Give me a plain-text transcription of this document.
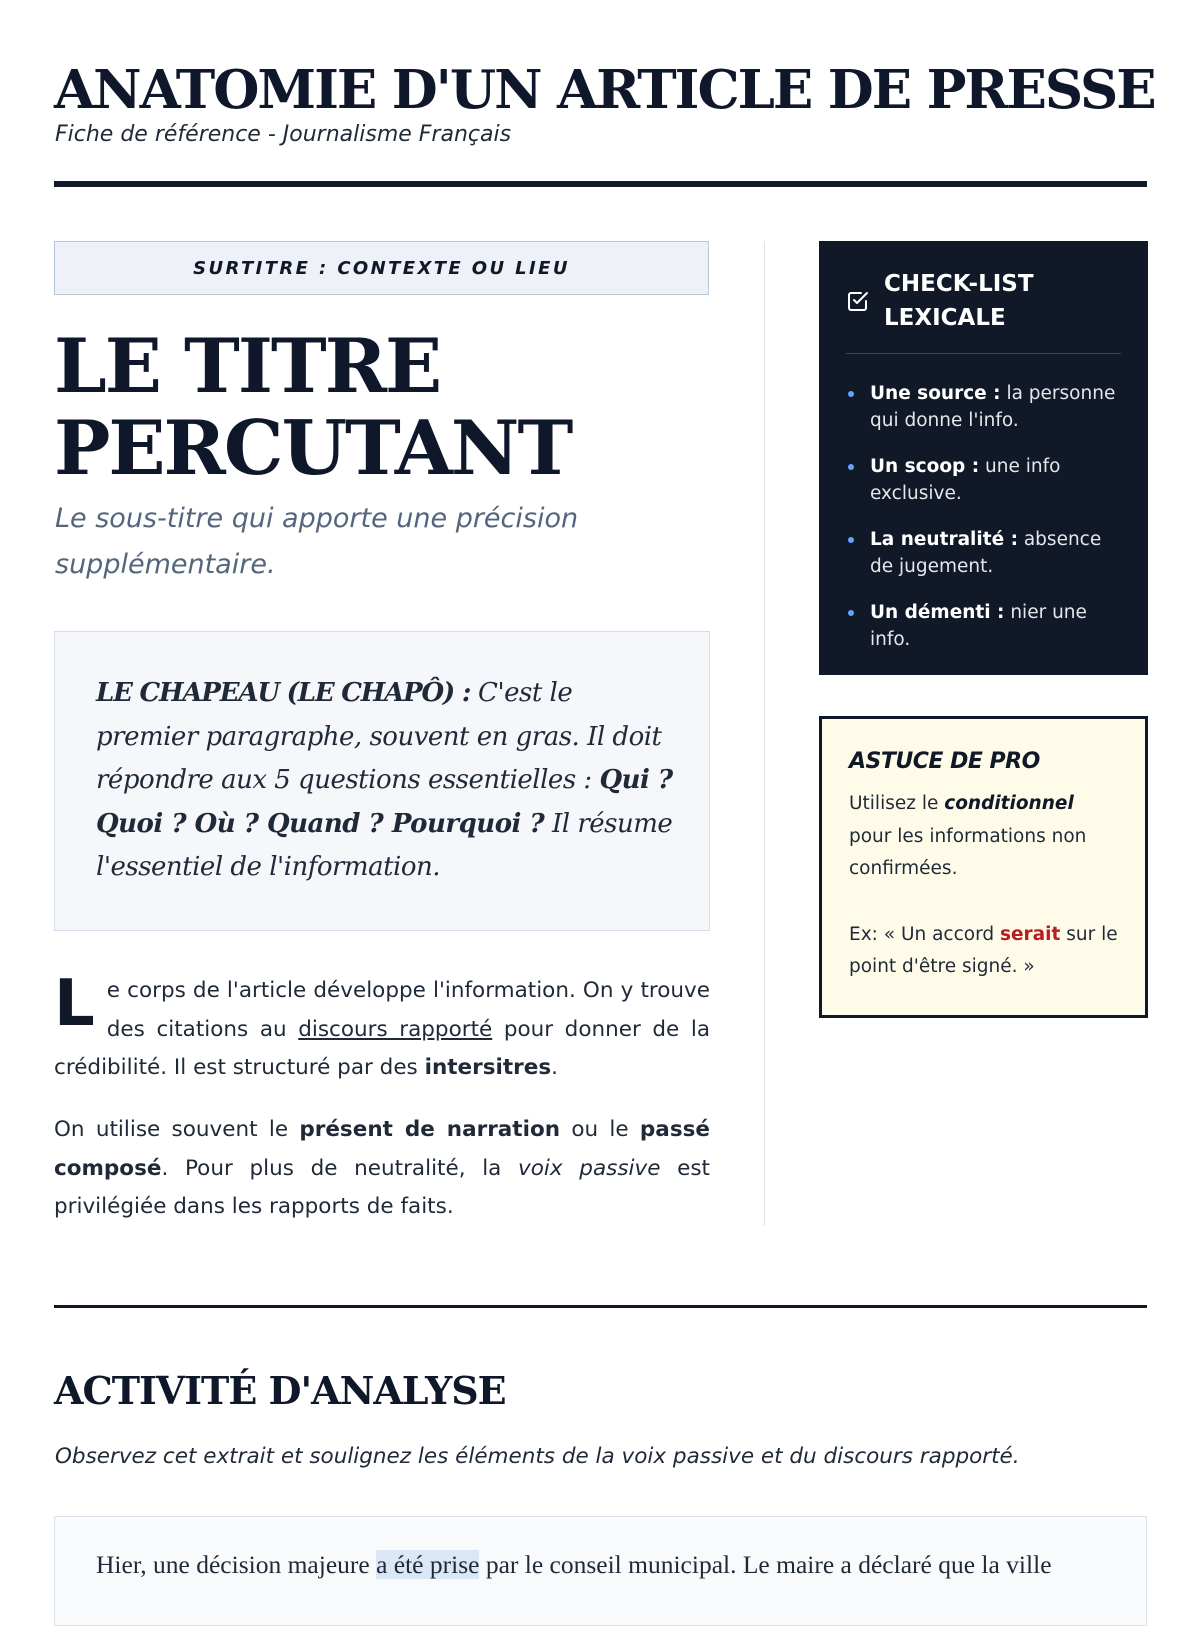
ANATOMIE D'UN ARTICLE DE PRESSE

Fiche de référence - Journalisme Français

SURTITRE : CONTEXTE OU LIEU
LE TITRE
PERCUTANT

Le sous-titre qui apporte une précision supplémentaire.

LE CHAPEAU (LE CHAPÔ) : C'est le premier paragraphe, souvent en gras. Il doit répondre aux 5 questions essentielles : Qui ? Quoi ? Où ? Quand ? Pourquoi ? Il résume l'essentiel de l'information.

Le corps de l'article développe l'information. On y trouve des citations au discours rapporté pour donner de la crédibilité. Il est structuré par des intersitres.

On utilise souvent le présent de narration ou le passé composé. Pour plus de neutralité, la voix passive est privilégiée dans les rapports de faits.

CHECK-LIST LEXICALE
Une source : la personne qui donne l'info.
Un scoop : une info exclusive.
La neutralité : absence de jugement.
Un démenti : nier une info.
ASTUCE DE PRO

Utilisez le conditionnel pour les informations non confirmées.

Ex: « Un accord serait sur le point d'être signé. »

ACTIVITÉ D'ANALYSE

Observez cet extrait et soulignez les éléments de la voix passive et du discours rapporté.

Hier, une décision majeure a été prise par le conseil municipal. Le maire a déclaré que la ville
